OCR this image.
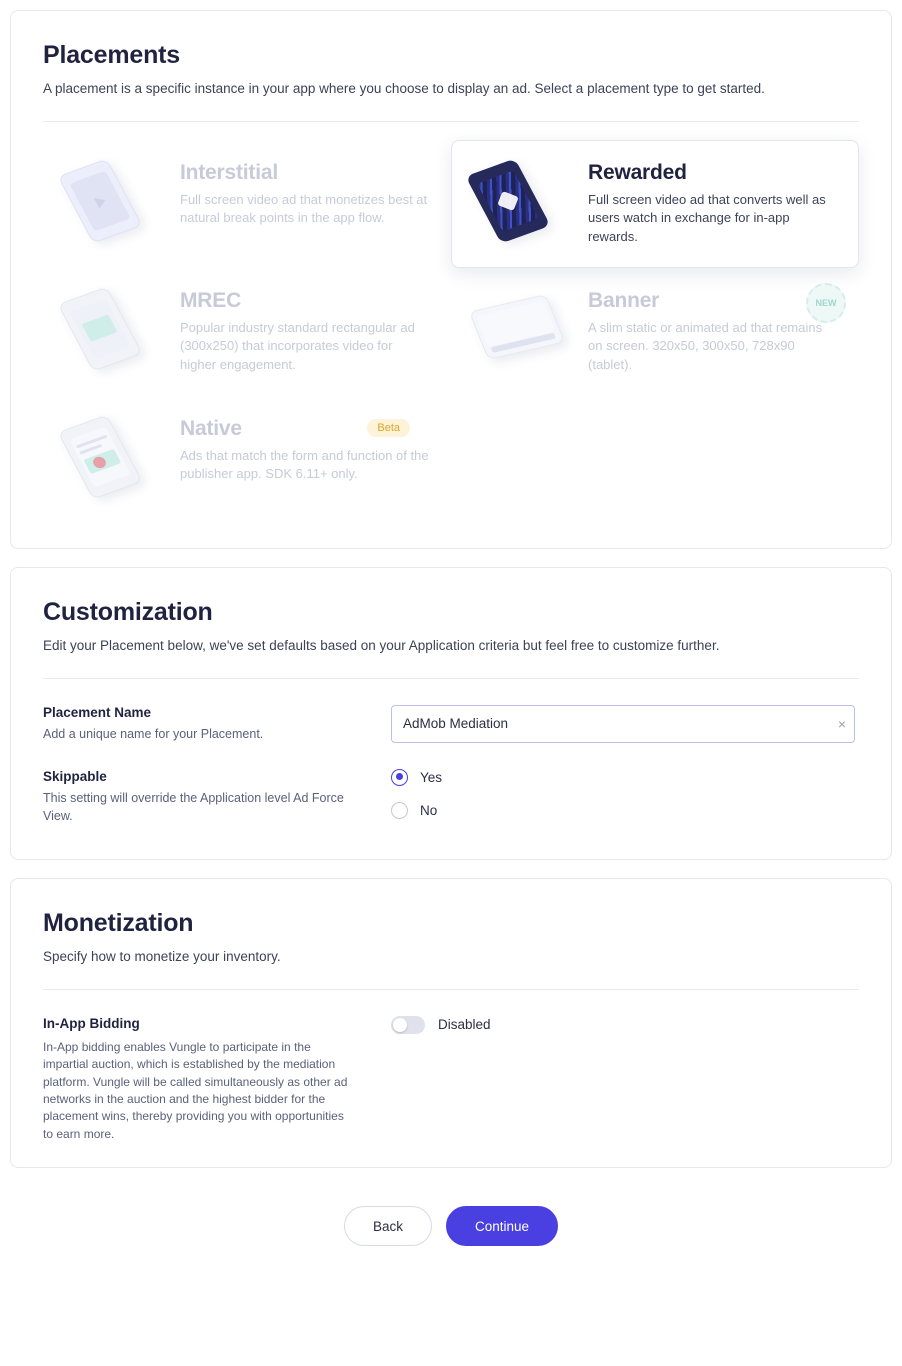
Placements

A placement is a specific instance in your app where you choose to display an ad. Select a placement type to get started.

Interstitial

Full screen video ad that monetizes best at natural break points in the app flow.

Rewarded

Full screen video ad that converts well as users watch in exchange for in-app rewards.

MREC

Popular industry standard rectangular ad (300x250) that incorporates video for higher engagement.

Banner

A slim static or animated ad that remains on screen. 320x50, 300x50, 728x90 (tablet).

NEW

Native

Ads that match the form and function of the publisher app. SDK 6.11+ only.

Beta
Customization

Edit your Placement below, we've set defaults based on your Application criteria but feel free to customize further.

Placement Name

Add a unique name for your Placement.

AdMob Mediation
×

Skippable

This setting will override the Application level Ad Force View.

Yes
No
Monetization

Specify how to monetize your inventory.

In-App Bidding

In-App bidding enables Vungle to participate in the impartial auction, which is established by the mediation platform. Vungle will be called simultaneously as other ad networks in the auction and the highest bidder for the placement wins, thereby providing you with opportunities to earn more.

Disabled
Back	Continue
